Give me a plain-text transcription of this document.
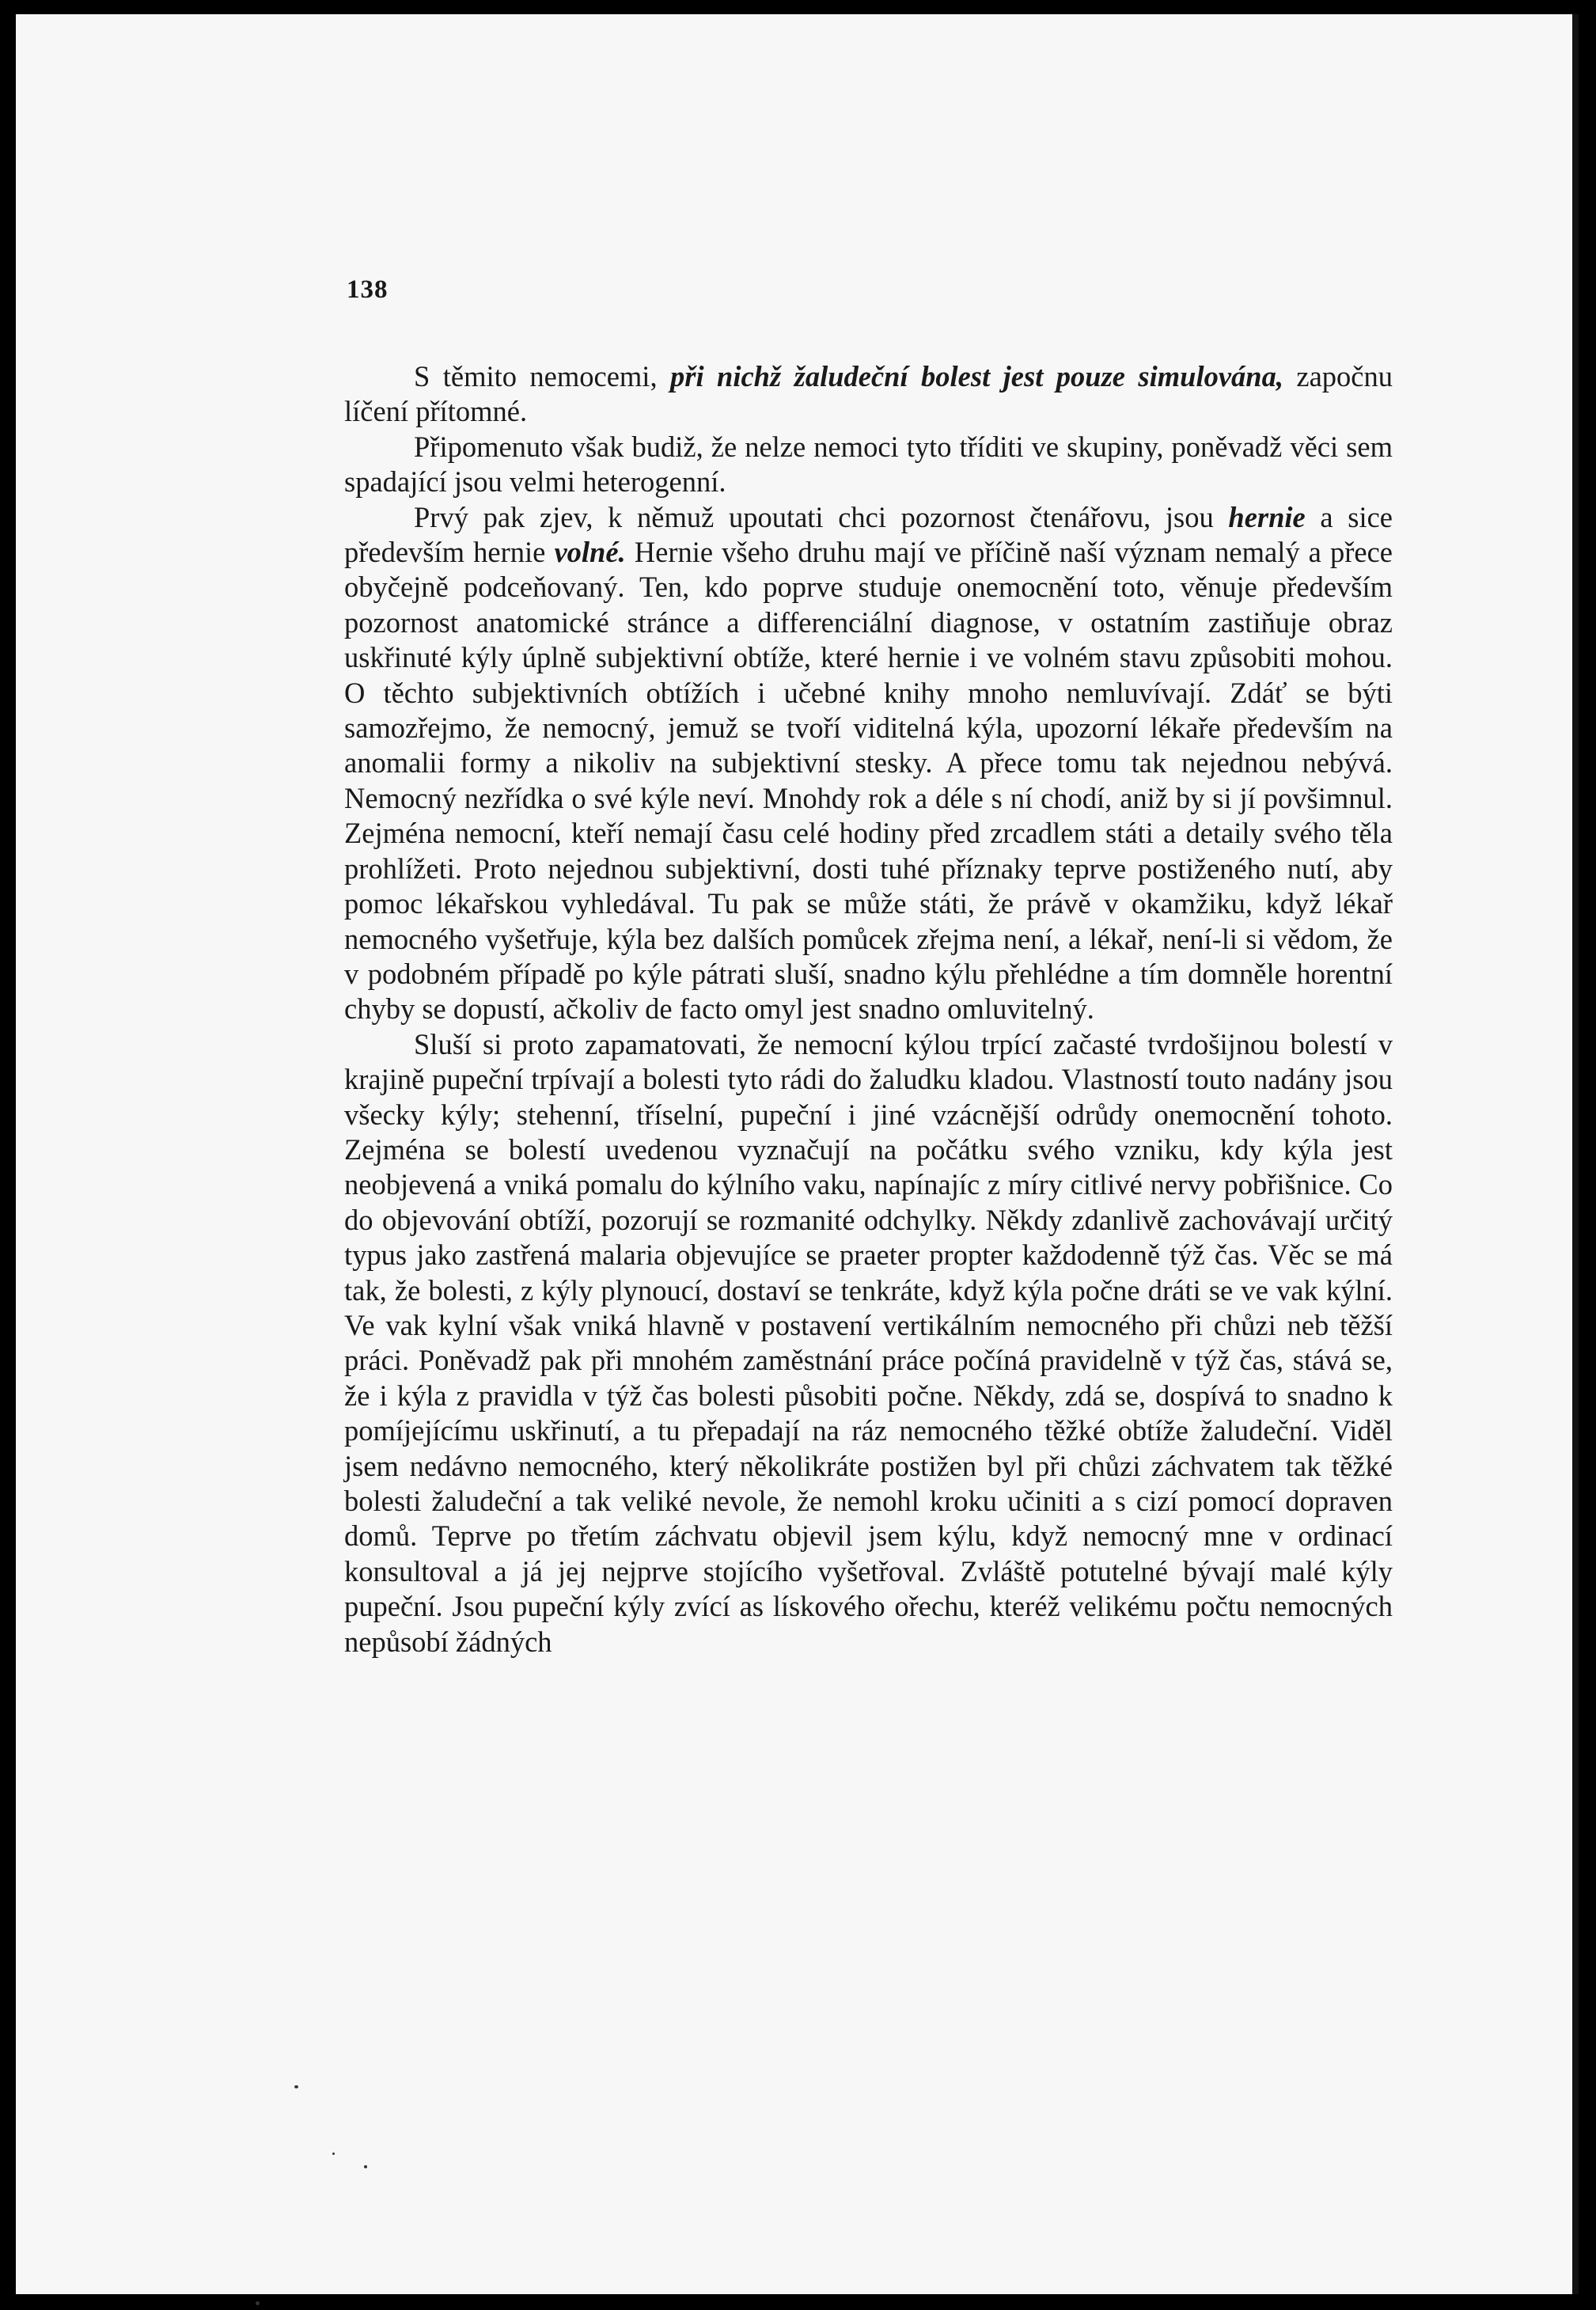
138

S těmito nemocemi, při nichž žaludeční bolest jest pouze simulována, započnu líčení přítomné.

Připomenuto však budiž, že nelze nemoci tyto tříditi ve skupiny, poněvadž věci sem spadající jsou velmi heterogenní.

Prvý pak zjev, k němuž upoutati chci pozornost čtenářovu, jsou hernie a sice především hernie volné. Hernie všeho druhu mají ve příčině naší význam nemalý a přece obyčejně podceňovaný. Ten, kdo poprve studuje onemocnění toto, věnuje především pozornost anatomické stránce a differenciální diagnose, v ostatním zastiňuje obraz uskřinuté kýly úplně subjektivní obtíže, které hernie i ve volném stavu způsobiti mohou. O těchto subjektivních obtížích i učebné knihy mnoho nemluvívají. Zdáť se býti samozřejmo, že nemocný, jemuž se tvoří viditelná kýla, upozorní lékaře především na anomalii formy a nikoliv na subjektivní stesky. A přece tomu tak nejednou nebývá. Nemocný nezřídka o své kýle neví. Mnohdy rok a déle s ní chodí, aniž by si jí povšimnul. Zejména nemocní, kteří nemají času celé hodiny před zrcadlem státi a detaily svého těla prohlížeti. Proto nejednou subjektivní, dosti tuhé příznaky teprve postiženého nutí, aby pomoc lékařskou vyhledával. Tu pak se může státi, že právě v okamžiku, když lékař nemocného vyšetřuje, kýla bez dalších pomůcek zřejma není, a lékař, není-li si vědom, že v podobném případě po kýle pátrati sluší, snadno kýlu přehlédne a tím domněle horentní chyby se dopustí, ačkoliv de facto omyl jest snadno omluvitelný.

Sluší si proto zapamatovati, že nemocní kýlou trpící začasté tvrdošijnou bolestí v krajině pupeční trpívají a bolesti tyto rádi do žaludku kladou. Vlastností touto nadány jsou všecky kýly; stehenní, tříselní, pupeční i jiné vzácnější odrůdy onemocnění tohoto. Zejména se bolestí uvedenou vyznačují na počátku svého vzniku, kdy kýla jest neobjevená a vniká pomalu do kýlního vaku, napínajíc z míry citlivé nervy pobřišnice. Co do objevování obtíží, pozorují se rozmanité odchylky. Někdy zdanlivě zachovávají určitý typus jako zastřená malaria objevujíce se praeter propter každodenně týž čas. Věc se má tak, že bolesti, z kýly plynoucí, dostaví se tenkráte, když kýla počne dráti se ve vak kýlní. Ve vak kylní však vniká hlavně v postavení vertikálním nemocného při chůzi neb těžší práci. Poněvadž pak při mnohém zaměstnání práce počíná pravidelně v týž čas, stává se, že i kýla z pravidla v týž čas bolesti působiti počne. Někdy, zdá se, dospívá to snadno k pomíjejícímu uskřinutí, a tu přepadají na ráz nemocného těžké obtíže žaludeční. Viděl jsem nedávno nemocného, který několikráte postižen byl při chůzi záchvatem tak těžké bolesti žaludeční a tak veliké nevole, že nemohl kroku učiniti a s cizí pomocí dopraven domů. Teprve po třetím záchvatu objevil jsem kýlu, když nemocný mne v ordinací konsultoval a já jej nejprve stojícího vyšetřoval. Zvláště potutelné bývají malé kýly pupeční. Jsou pupeční kýly zvící as lískového ořechu, kteréž velikému počtu nemocných nepůsobí žádných
